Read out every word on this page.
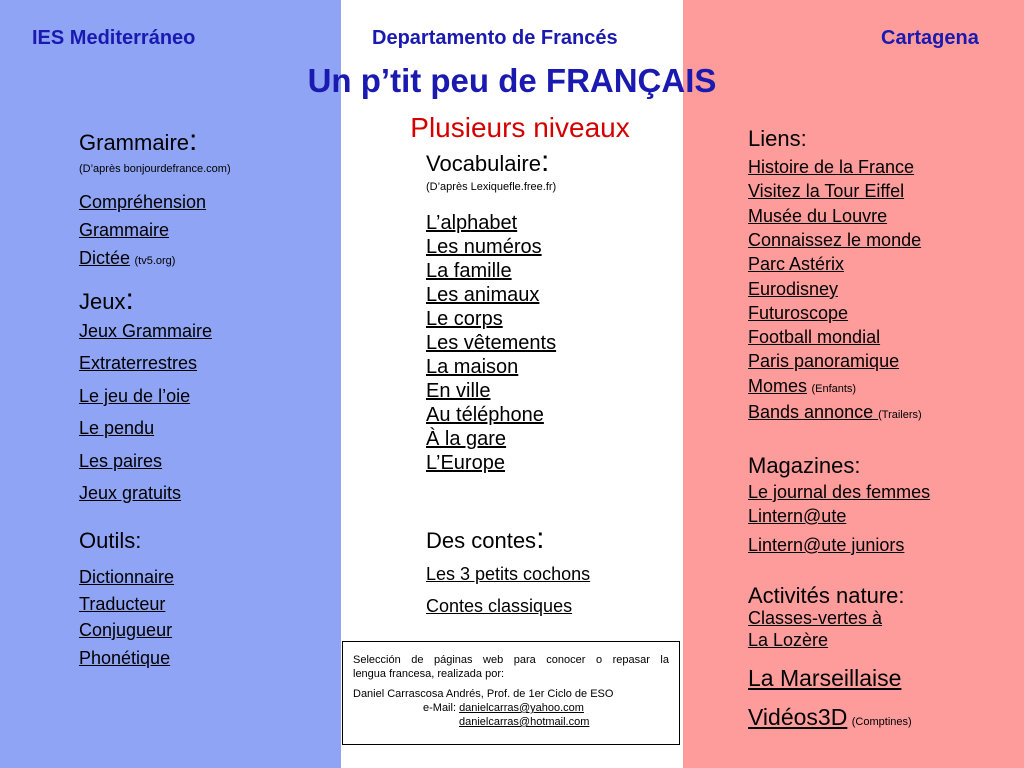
IES Mediterráneo	Departamento de Francés	Cartagena
Un p’tit peu de FRANÇAIS
Plusieurs niveaux
Grammaire:
(D’après bonjourdefrance.com)
Compréhension
Grammaire
Dictée (tv5.org)
Jeux:
Jeux Grammaire
Extraterrestres
Le jeu de l’oie
Le pendu
Les paires
Jeux gratuits
Outils:
Dictionnaire
Traducteur
Conjugueur
Phonétique
Vocabulaire:
(D’après Lexiquefle.free.fr)
L’alphabet
Les numéros
La famille
Les animaux
Le corps
Les vêtements
La maison
En ville
Au téléphone
À la gare
L’Europe
Des contes:
Les 3 petits cochons
Contes classiques
Liens:
Histoire de la France
Visitez la Tour Eiffel
Musée du Louvre
Connaissez le monde
Parc Astérix
Eurodisney
Futuroscope
Football mondial
Paris panoramique
Momes (Enfants)
Bands annonce (Trailers)
Magazines:
Le journal des femmes
Lintern@ute
Lintern@ute juniors
Activités nature:
Classes-vertes à
La Lozère
La Marseillaise
Vidéos3D (Comptines)

Selección de páginas web para conocer o repasar la

lengua francesa, realizada por:

Daniel Carrascosa Andrés, Prof. de 1er Ciclo de ESO

e-Mail: danielcarras@yahoo.com

danielcarras@hotmail.com
